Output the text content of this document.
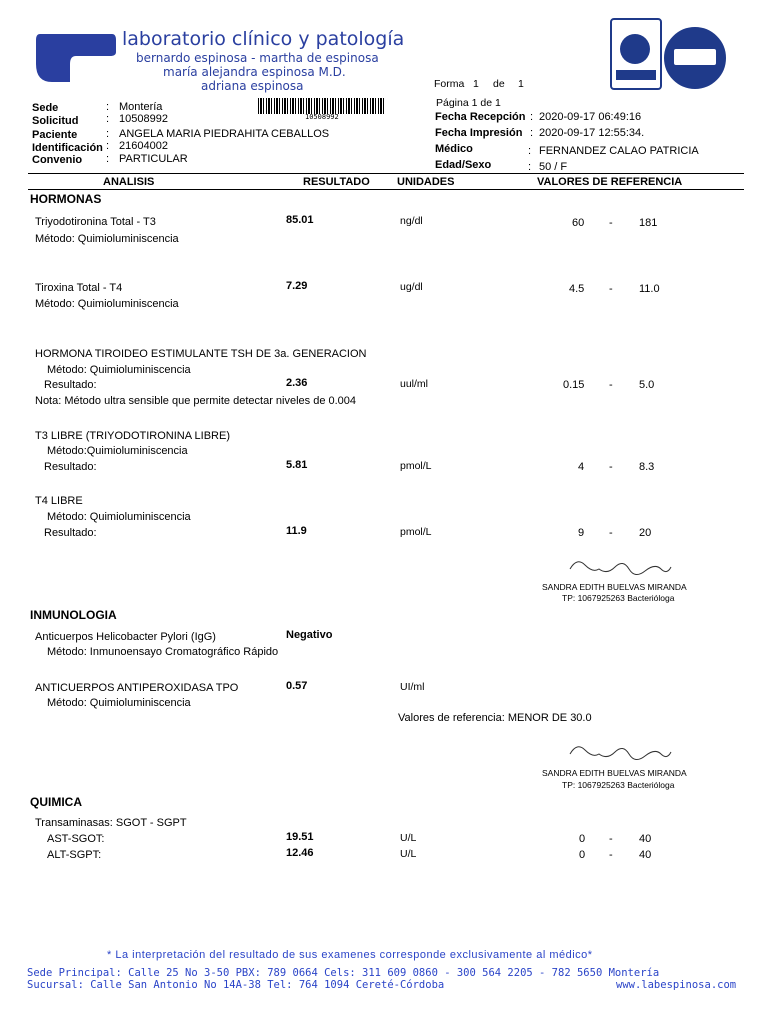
laboratorio clínico y patología
bernardo espinosa - martha de espinosa
maría alejandra espinosa M.D.
adriana espinosa	Forma 1 de 1
Página 1 de 1
10508992
Sede	: Montería
Solicitud	: 10508992
Paciente	: ANGELA MARIA PIEDRAHITA CEBALLOS
Identificación : 21604002
Convenio : PARTICULAR
Fecha Recepción : 2020-09-17 06:49:16
Fecha Impresión : 2020-09-17 12:55:34.
Médico	: FERNANDEZ CALAO PATRICIA
Edad/Sexo	: 50 / F
ANALISIS	RESULTADO UNIDADES	VALORES DE REFERENCIA
HORMONAS
Triyodotironina Total - T3
Método: Quimioluminiscencia
85.01	ng/dl	60 - 181
Tiroxina Total - T4
Método: Quimioluminiscencia
7.29	ug/dl	4.5 - 11.0
HORMONA TIROIDEO ESTIMULANTE TSH DE 3a. GENERACION
Método: Quimioluminiscencia
Resultado:	2.36	uul/ml	0.15 - 5.0
Nota: Método ultra sensible que permite detectar niveles de 0.004
T3 LIBRE (TRIYODOTIRONINA LIBRE)
Método:Quimioluminiscencia
Resultado:	5.81	pmol/L	4 - 8.3
T4 LIBRE
Método: Quimioluminiscencia
Resultado:	11.9	pmol/L	9 - 20
SANDRA EDITH BUELVAS MIRANDA
TP: 1067925263 Bacterióloga
INMUNOLOGIA
Anticuerpos Helicobacter Pylori (IgG)
Método: Inmunoensayo Cromatográfico Rápido
Negativo
ANTICUERPOS ANTIPEROXIDASA TPO
Método: Quimioluminiscencia
0.57	UI/ml
Valores de referencia: MENOR DE 30.0
SANDRA EDITH BUELVAS MIRANDA
TP: 1067925263 Bacterióloga
QUIMICA
Transaminasas: SGOT - SGPT
AST-SGOT:	19.51	U/L	0 - 40
ALT-SGPT:	12.46	U/L	0 - 40
* La interpretación del resultado de sus examenes corresponde exclusivamente al médico*
Sede Principal: Calle 25 No 3-50 PBX: 789 0664 Cels: 311 609 0860 - 300 564 2205 - 782 5650 Montería
Sucursal: Calle San Antonio No 14A-38 Tel: 764 1094 Cereté-Córdoba	www.labespinosa.com
